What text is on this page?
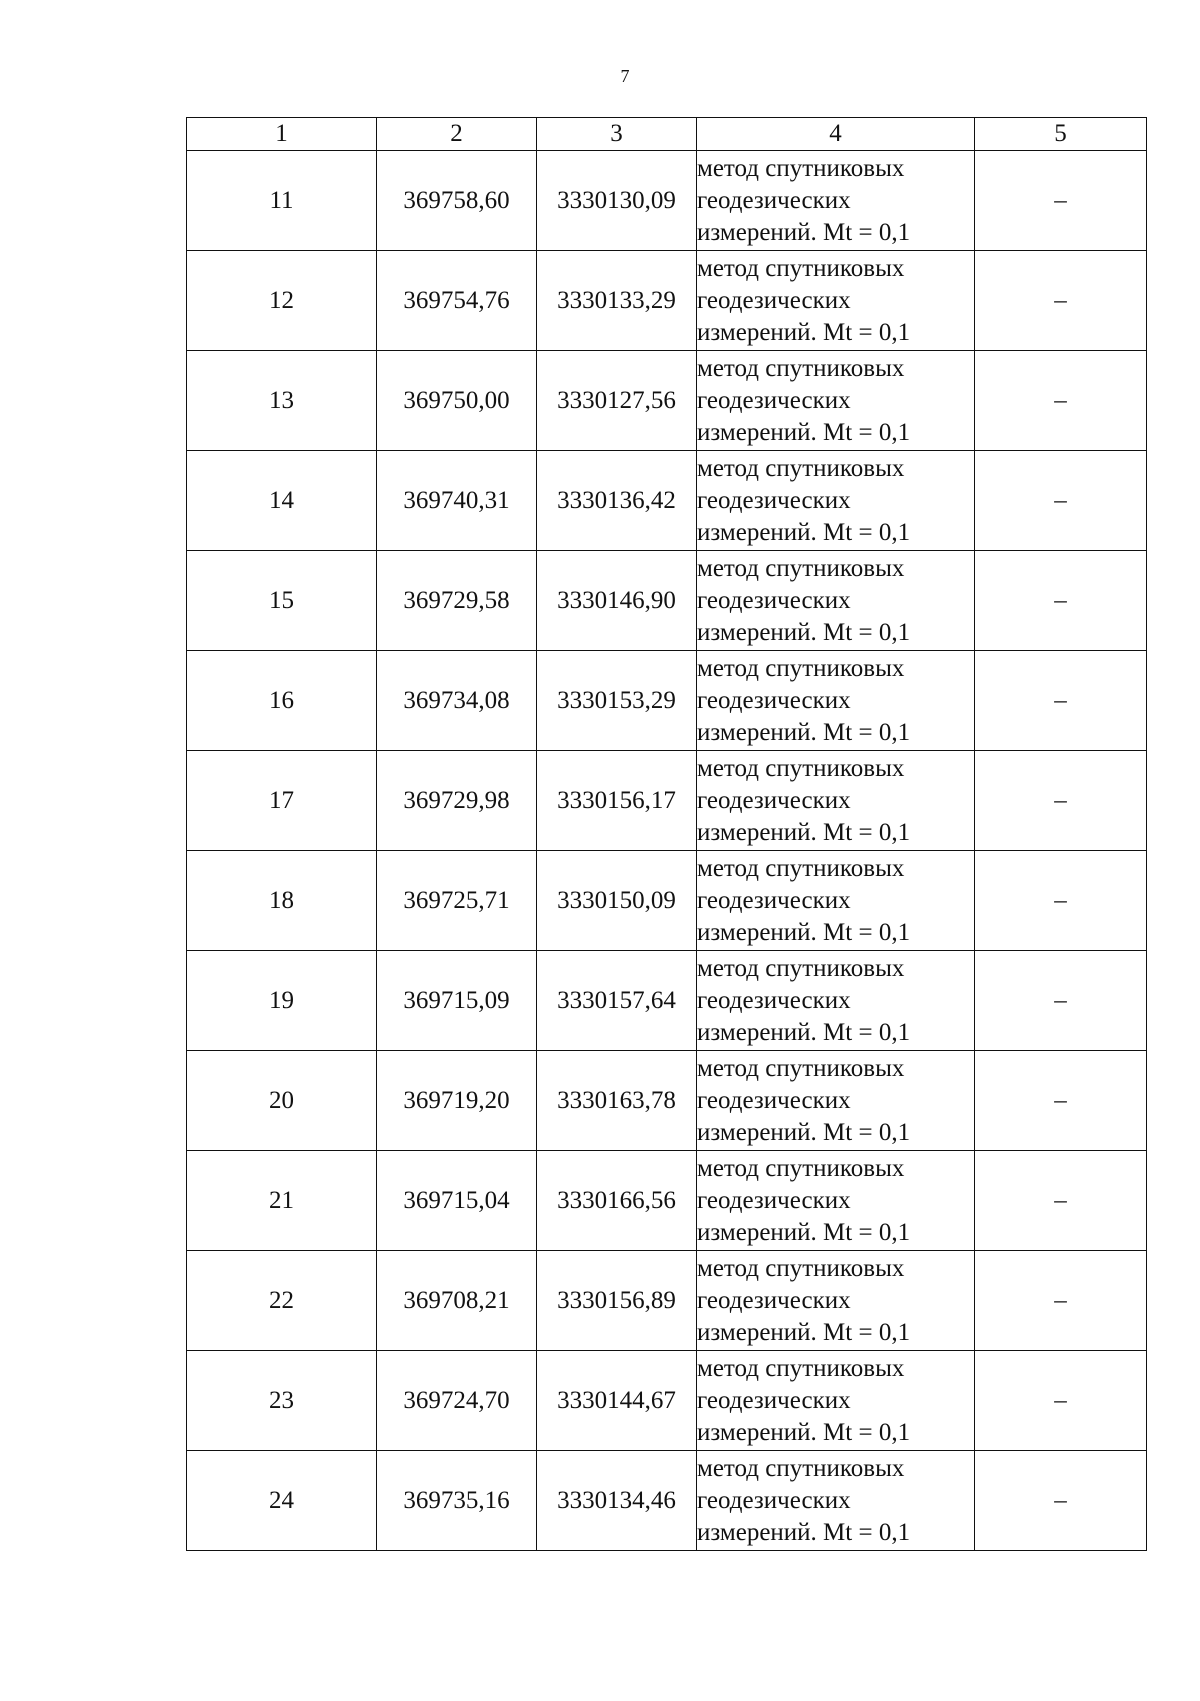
7
1	2	3	4	5
11	369758,60	3330130,09	метод спутниковых
геодезических
измерений. Mt = 0,1	–
12	369754,76	3330133,29	метод спутниковых
геодезических
измерений. Mt = 0,1	–
13	369750,00	3330127,56	метод спутниковых
геодезических
измерений. Mt = 0,1	–
14	369740,31	3330136,42	метод спутниковых
геодезических
измерений. Mt = 0,1	–
15	369729,58	3330146,90	метод спутниковых
геодезических
измерений. Mt = 0,1	–
16	369734,08	3330153,29	метод спутниковых
геодезических
измерений. Mt = 0,1	–
17	369729,98	3330156,17	метод спутниковых
геодезических
измерений. Mt = 0,1	–
18	369725,71	3330150,09	метод спутниковых
геодезических
измерений. Mt = 0,1	–
19	369715,09	3330157,64	метод спутниковых
геодезических
измерений. Mt = 0,1	–
20	369719,20	3330163,78	метод спутниковых
геодезических
измерений. Mt = 0,1	–
21	369715,04	3330166,56	метод спутниковых
геодезических
измерений. Mt = 0,1	–
22	369708,21	3330156,89	метод спутниковых
геодезических
измерений. Mt = 0,1	–
23	369724,70	3330144,67	метод спутниковых
геодезических
измерений. Mt = 0,1	–
24	369735,16	3330134,46	метод спутниковых
геодезических
измерений. Mt = 0,1	–
